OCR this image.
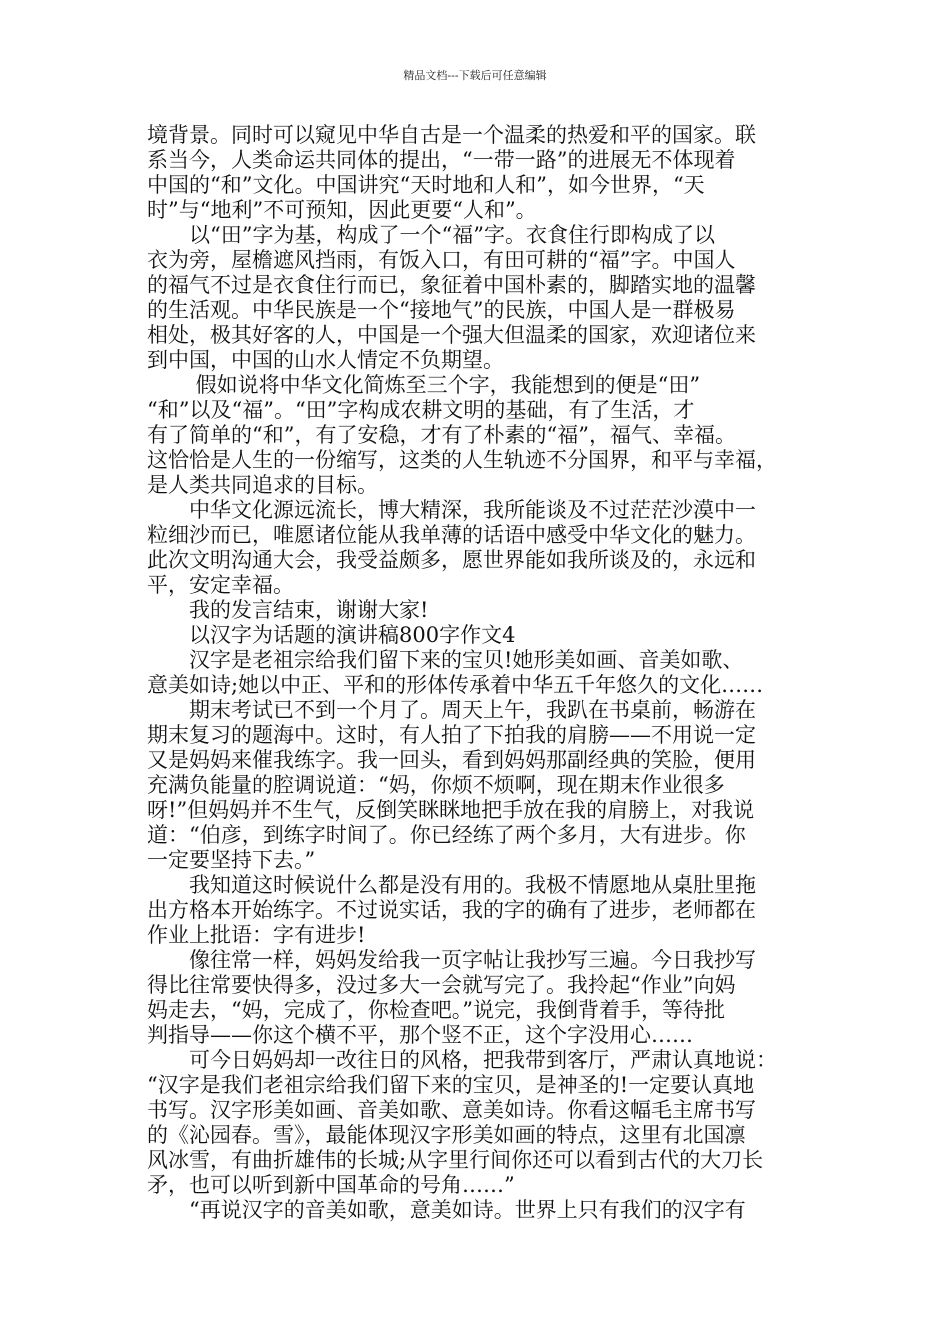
精品文档---下载后可任意编辑
境背景。同时可以窥见中华自古是一个温柔的热爱和平的国家。联
系当今，人类命运共同体的提出，“一带一路”的进展无不体现着
中国的“和”文化。中国讲究“天时地和人和”，如今世界，“天
时”与“地利”不可预知，因此更要“人和”。
　　以“田”字为基，构成了一个“福”字。衣食住行即构成了以
衣为旁，屋檐遮风挡雨，有饭入口，有田可耕的“福”字。中国人
的福气不过是衣食住行而已，象征着中国朴素的，脚踏实地的温馨
的生活观。中华民族是一个“接地气”的民族，中国人是一群极易
相处，极其好客的人，中国是一个强大但温柔的国家，欢迎诸位来
到中国，中国的山水人情定不负期望。
　　 假如说将中华文化简炼至三个字，我能想到的便是“田”
“和”以及“福”。“田”字构成农耕文明的基础，有了生活，才
有了简单的“和”，有了安稳，才有了朴素的“福”，福气、幸福。
这恰恰是人生的一份缩写，这类的人生轨迹不分国界，和平与幸福，
是人类共同追求的目标。
　　中华文化源远流长，博大精深，我所能谈及不过茫茫沙漠中一
粒细沙而已，唯愿诸位能从我单薄的话语中感受中华文化的魅力。
此次文明沟通大会，我受益颇多，愿世界能如我所谈及的，永远和
平，安定幸福。
　　我的发言结束，谢谢大家!
　　以汉字为话题的演讲稿800字作文4
　　汉字是老祖宗给我们留下来的宝贝!她形美如画、音美如歌、
意美如诗;她以中正、平和的形体传承着中华五千年悠久的文化……
　　期末考试已不到一个月了。周天上午，我趴在书桌前，畅游在
期末复习的题海中。这时，有人拍了下拍我的肩膀——不用说一定
又是妈妈来催我练字。我一回头，看到妈妈那副经典的笑脸，便用
充满负能量的腔调说道：“妈，你烦不烦啊，现在期末作业很多
呀!”但妈妈并不生气，反倒笑眯眯地把手放在我的肩膀上，对我说
道：“伯彦，到练字时间了。你已经练了两个多月，大有进步。你
一定要坚持下去。”
　　我知道这时候说什么都是没有用的。我极不情愿地从桌肚里拖
出方格本开始练字。不过说实话，我的字的确有了进步，老师都在
作业上批语：字有进步!
　　像往常一样，妈妈发给我一页字帖让我抄写三遍。今日我抄写
得比往常要快得多，没过多大一会就写完了。我拎起“作业”向妈
妈走去，“妈，完成了，你检查吧。”说完，我倒背着手，等待批
判指导——你这个横不平，那个竖不正，这个字没用心……
　　可今日妈妈却一改往日的风格，把我带到客厅，严肃认真地说：
“汉字是我们老祖宗给我们留下来的宝贝，是神圣的!一定要认真地
书写。汉字形美如画、音美如歌、意美如诗。你看这幅毛主席书写
的《沁园春。雪》，最能体现汉字形美如画的特点，这里有北国凛
风冰雪，有曲折雄伟的长城;从字里行间你还可以看到古代的大刀长
矛，也可以听到新中国革命的号角……”
　　“再说汉字的音美如歌，意美如诗。世界上只有我们的汉字有
